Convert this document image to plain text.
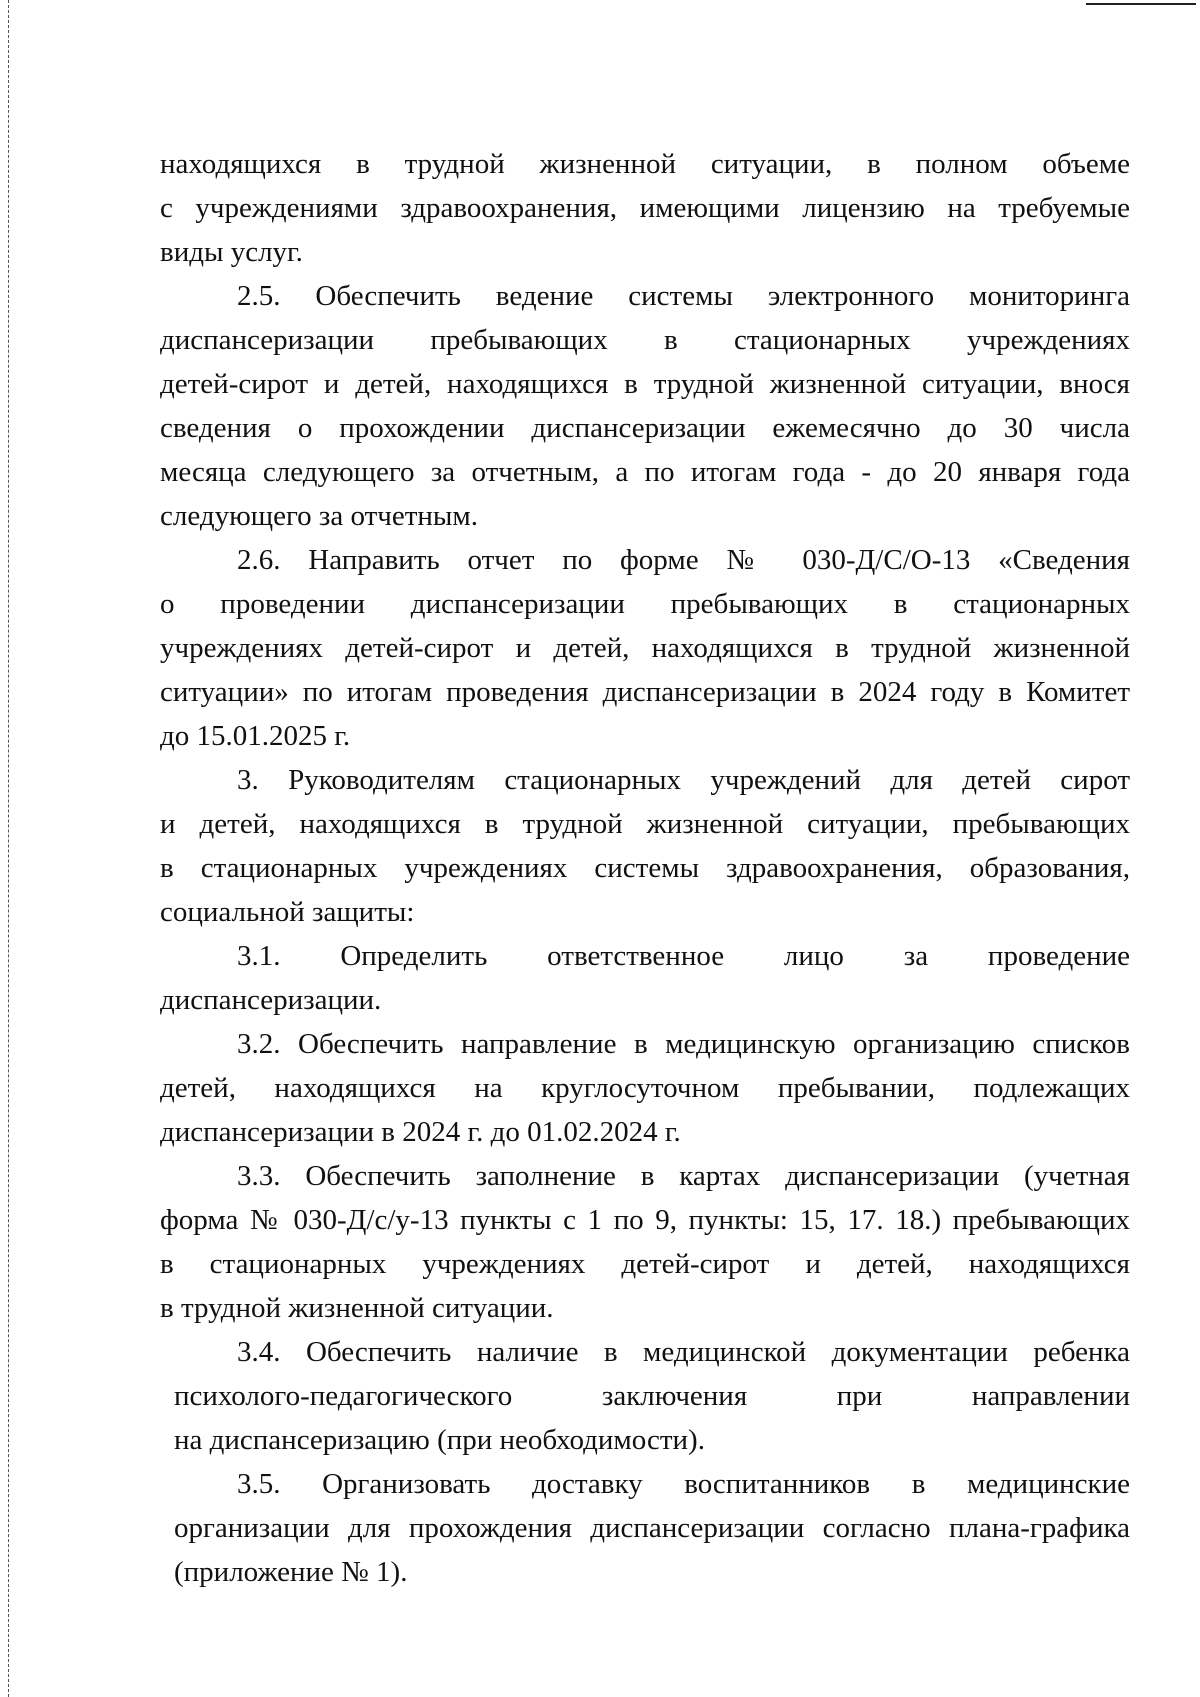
находящихся в трудной жизненной ситуации, в полном объеме
с учреждениями здравоохранения, имеющими лицензию на требуемые
виды услуг.
2.5. Обеспечить ведение системы электронного мониторинга
диспансеризации пребывающих в стационарных учреждениях
детей-сирот и детей, находящихся в трудной жизненной ситуации, внося
сведения о прохождении диспансеризации ежемесячно до 30 числа
месяца следующего за отчетным, а по итогам года - до 20 января года
следующего за отчетным.
2.6. Направить отчет по форме № 030-Д/С/О-13 «Сведения
о проведении диспансеризации пребывающих в стационарных
учреждениях детей-сирот и детей, находящихся в трудной жизненной
ситуации» по итогам проведения диспансеризации в 2024 году в Комитет
до 15.01.2025 г.
3. Руководителям стационарных учреждений для детей сирот
и детей, находящихся в трудной жизненной ситуации, пребывающих
в стационарных учреждениях системы здравоохранения, образования,
социальной защиты:
3.1. Определить ответственное лицо за проведение
диспансеризации.
3.2. Обеспечить направление в медицинскую организацию списков
детей, находящихся на круглосуточном пребывании, подлежащих
диспансеризации в 2024 г. до 01.02.2024 г.
3.3. Обеспечить заполнение в картах диспансеризации (учетная
форма № 030-Д/с/у-13 пункты с 1 по 9, пункты: 15, 17. 18.) пребывающих
в стационарных учреждениях детей-сирот и детей, находящихся
в трудной жизненной ситуации.
3.4. Обеспечить наличие в медицинской документации ребенка
психолого-педагогического заключения при направлении
на диспансеризацию (при необходимости).
3.5. Организовать доставку воспитанников в медицинские
организации для прохождения диспансеризации согласно плана-графика
(приложение № 1).
